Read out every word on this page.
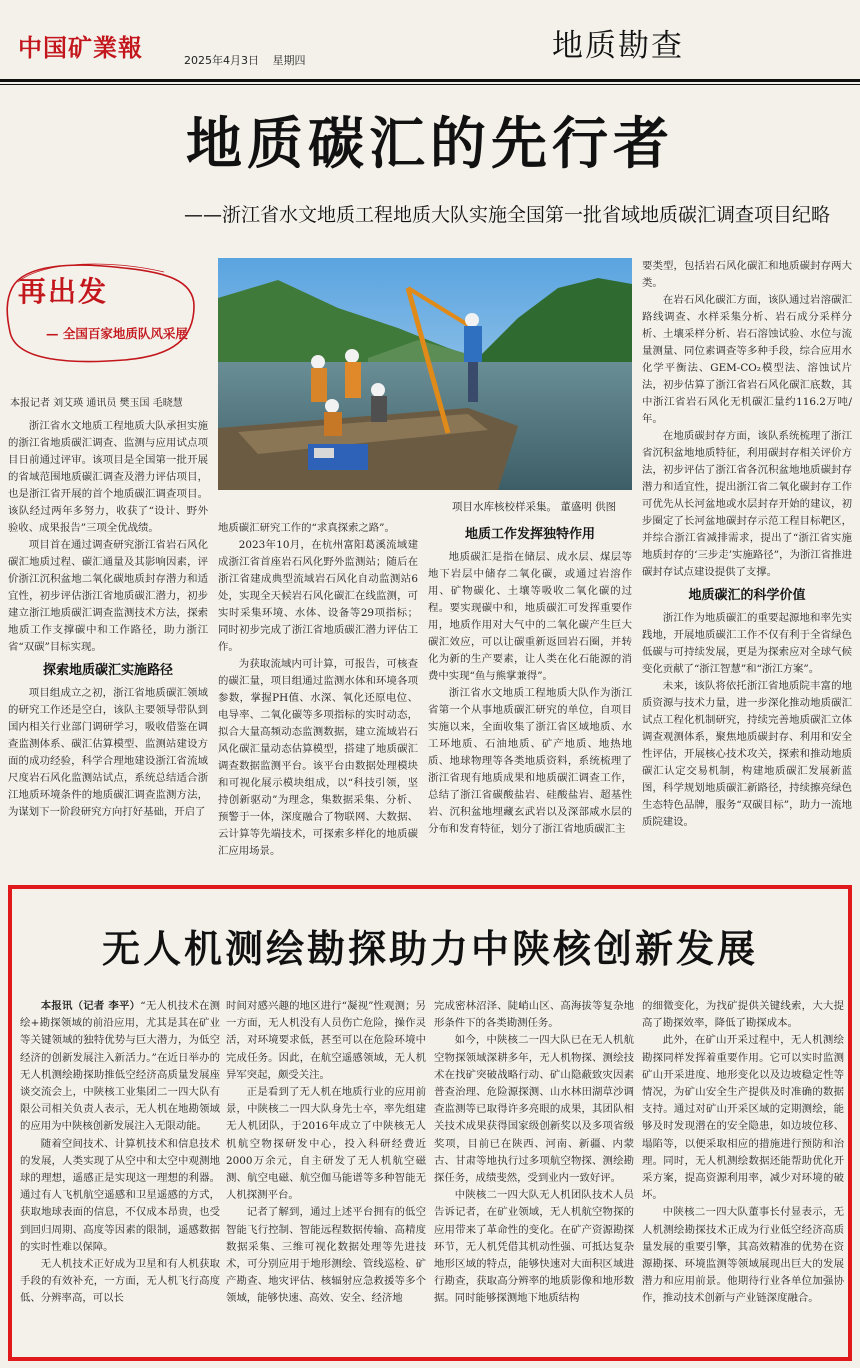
中国矿業報	2025年4月3日 星期四	地质勘查
地质碳汇的先行者
——浙江省水文地质工程地质大队实施全国第一批省域地质碳汇调查项目纪略
再出发
— 全国百家地质队风采展
本报记者 刘艾瑛 通讯员 樊玉国 毛晓慧
项目水库核校样采集。 董盛明 供图

浙江省水文地质工程地质大队承担实施的浙江省地质碳汇调查、监测与应用试点项目日前通过评审。该项目是全国第一批开展的省域范围地质碳汇调查及潜力评估项目，也是浙江省开展的首个地质碳汇调查项目。该队经过两年多努力，收获了“设计、野外验收、成果报告”三项全优战绩。

项目首在通过调查研究浙江省岩石风化碳汇地质过程、碳汇通量及其影响因素，评价浙江沉积盆地二氧化碳地质封存潜力和适宜性，初步评估浙江省地质碳汇潜力，初步建立浙江地质碳汇调查监测技术方法，探索地质工作支撑碳中和工作路径，助力浙江省“双碳”目标实现。

探索地质碳汇实施路径

项目组成立之初，浙江省地质碳汇领域的研究工作还是空白，该队主要领导带队到国内相关行业部门调研学习，吸收借鉴在调查监测体系、碳汇估算模型、监测站建设方面的成功经验，科学合理地建设浙江省流域尺度岩石风化监测站试点，系统总结适合浙江地质环境条件的地质碳汇调查监测方法，为谋划下一阶段研究方向打好基础，开启了

地质碳汇研究工作的“求真探索之路”。

2023年10月，在杭州富阳葛溪流域建成浙江省首座岩石风化野外监测站；随后在浙江省建成典型流域岩石风化自动监测站6处，实现全天候岩石风化碳汇在线监测，可实时采集环境、水体、设备等29项指标；同时初步完成了浙江省地质碳汇潜力评估工作。

为获取流域内可计算，可报告，可核查的碳汇量，项目组通过监测水体和环境各项参数，掌握PH值、水深、氧化还原电位、电导率、二氧化碳等多项指标的实时动态，拟合大量高频动态监测数据，建立流域岩石风化碳汇量动态估算模型，搭建了地质碳汇调查数据监测平台。该平台由数据处理模块和可视化展示模块组成，以“科技引领，坚持创新驱动”为理念，集数据采集、分析、预警于一体，深度融合了物联网、大数据、云计算等先端技术，可探索多样化的地质碳汇应用场景。

地质工作发挥独特作用

地质碳汇是指在储层、成水层、煤层等地下岩层中储存二氧化碳，或通过岩溶作用、矿物碳化、土壤等吸收二氧化碳的过程。要实现碳中和，地质碳汇可发挥重要作用，地质作用对大气中的二氧化碳产生巨大碳汇效应，可以让碳重新返回岩石圈，并转化为新的生产要素，让人类在化石能源的消费中实现“鱼与熊掌兼得”。

浙江省水文地质工程地质大队作为浙江省第一个从事地质碳汇研究的单位，自项目实施以来，全面收集了浙江省区域地质、水工环地质、石油地质、矿产地质、地热地质、地球物理等各类地质资料，系统梳理了浙江省现有地质成果和地质碳汇调查工作，总结了浙江省碳酸盐岩、硅酸盐岩、超基性岩、沉积盆地埋藏玄武岩以及深部咸水层的分布和发育特征，划分了浙江省地质碳汇主

要类型，包括岩石风化碳汇和地质碳封存两大类。

在岩石风化碳汇方面，该队通过岩溶碳汇路线调查、水样采集分析、岩石成分采样分析、土壤采样分析、岩石溶蚀试验、水位与流量测量、同位素调查等多种手段，综合应用水化学平衡法、GEM-CO₂模型法、溶蚀试片法，初步估算了浙江省岩石风化碳汇底数，其中浙江省岩石风化无机碳汇量约116.2万吨/年。

在地质碳封存方面，该队系统梳理了浙江省沉积盆地地质特征，利用碳封存相关评价方法，初步评估了浙江省各沉积盆地地质碳封存潜力和适宜性，提出浙江省二氧化碳封存工作可优先从长河盆地或水层封存开始的建议，初步圈定了长河盆地碳封存示范工程目标靶区，并综合浙江省减排需求，提出了“浙江省实施地质封存的‘三步走’实施路径”，为浙江省推进碳封存试点建设提供了支撑。

地质碳汇的科学价值

浙江作为地质碳汇的重要起源地和率先实践地，开展地质碳汇工作不仅有利于全省绿色低碳与可持续发展，更是为探索应对全球气候变化贡献了“浙江智慧”和“浙江方案”。

未来，该队将依托浙江省地质院丰富的地质资源与技术力量，进一步深化推动地质碳汇试点工程化机制研究，持续完善地质碳汇立体调查观测体系，聚焦地质碳封存、利用和安全性评估，开展核心技术攻关，探索和推动地质碳汇认定交易机制，构建地质碳汇发展新蓝图，科学规划地质碳汇新路径，持续擦亮绿色生态特色品牌，服务“双碳目标”，助力一流地质院建设。

无人机测绘勘探助力中陕核创新发展

本报讯（记者 李平）“无人机技术在测绘+勘探领域的前沿应用，尤其是其在矿业等关键领域的独特优势与巨大潜力，为低空经济的创新发展注入新活力。”在近日举办的无人机测绘勘探助推低空经济高质量发展座谈交流会上，中陕核工业集团二一四大队有限公司相关负责人表示，无人机在地勘领域的应用为中陕核创新发展注入无限动能。

随着空间技术、计算机技术和信息技术的发展，人类实现了从空中和太空中观测地球的理想，遥感正是实现这一理想的利器。通过有人飞机航空遥感和卫星遥感的方式，获取地球表面的信息，不仅成本昂贵，也受到回归周期、高度等因素的限制，遥感数据的实时性难以保障。

无人机技术正好成为卫星和有人机获取手段的有效补充，一方面，无人机飞行高度低、分辨率高，可以长

时间对感兴趣的地区进行“凝视”性观测；另一方面，无人机没有人员伤亡危险，操作灵活，对环境要求低，甚至可以在危险环境中完成任务。因此，在航空遥感领域，无人机异军突起，颇受关注。

正是看到了无人机在地质行业的应用前景，中陕核二一四大队身先士卒，率先组建无人机团队，于2016年成立了中陕核无人机航空物探研发中心，投入科研经费近2000万余元，自主研发了无人机航空磁测、航空电磁、航空伽马能谱等多种智能无人机探测平台。

记者了解到，通过上述平台拥有的低空智能飞行控制、智能远程数据传输、高精度数据采集、三维可视化数据处理等先进技术，可分别应用于地形测绘、管线巡检、矿产勘查、地灾评估、核辐射应急救援等多个领域，能够快速、高效、安全、经济地

完成密林沼泽、陡峭山区、高海拔等复杂地形条件下的各类勘测任务。

如今，中陕核二一四大队已在无人机航空物探领域深耕多年，无人机物探、测绘技术在找矿突破战略行动、矿山隐蔽致灾因素普查治理、危险源探测、山水林田湖草沙调查监测等已取得许多亮眼的成果，其团队相关技术成果获得国家级创新奖以及多项省级奖项，目前已在陕西、河南、新疆、内蒙古、甘肃等地执行过多项航空物探、测绘勘探任务，成绩斐然，受到业内一致好评。

中陕核二一四大队无人机团队技术人员告诉记者，在矿业领域，无人机航空物探的应用带来了革命性的变化。在矿产资源勘探环节，无人机凭借其机动性强、可抵达复杂地形区域的特点，能够快速对大面积区域进行勘查，获取高分辨率的地质影像和地形数据。同时能够探测地下地质结构

的细微变化，为找矿提供关键线索，大大提高了勘探效率，降低了勘探成本。

此外，在矿山开采过程中，无人机测绘勘探同样发挥着重要作用。它可以实时监测矿山开采进度、地形变化以及边坡稳定性等情况，为矿山安全生产提供及时准确的数据支持。通过对矿山开采区域的定期测绘，能够及时发现潜在的安全隐患，如边坡位移、塌陷等，以便采取相应的措施进行预防和治理。同时，无人机测绘数据还能帮助优化开采方案，提高资源利用率，减少对环境的破坏。

中陕核二一四大队董事长付显表示，无人机测绘勘探技术正成为行业低空经济高质量发展的重要引擎，其高效精准的优势在资源勘探、环境监测等领域展现出巨大的发展潜力和应用前景。他期待行业各单位加强协作，推动技术创新与产业链深度融合。
